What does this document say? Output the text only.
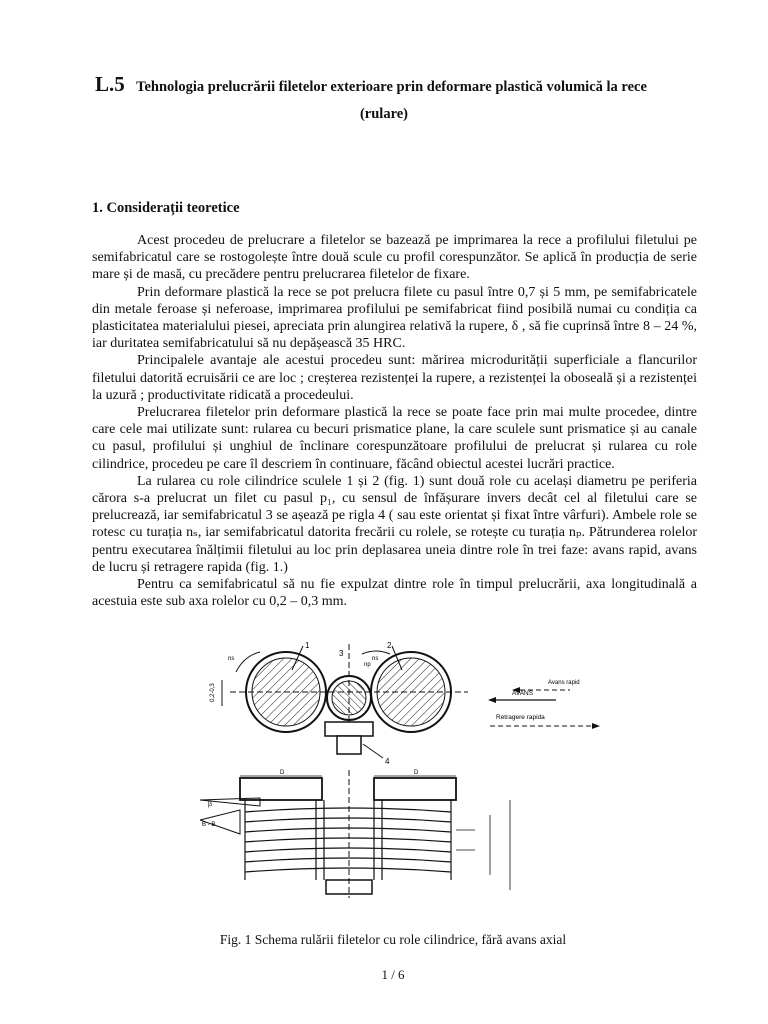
L.5 Tehnologia prelucrării filetelor exterioare prin deformare plastică volumică la rece
(rulare)
1. Considerații teoretice

Acest procedeu de prelucrare a filetelor se bazează pe imprimarea la rece a profilului filetului pe semifabricatul care se rostogolește între două scule cu profil corespunzător. Se aplică în producția de serie mare și de masă, cu precădere pentru prelucrarea filetelor de fixare.

Prin deformare plastică la rece se pot prelucra filete cu pasul între 0,7 și 5 mm, pe semifabricatele din metale feroase și neferoase, imprimarea profilului pe semifabricat fiind posibilă numai cu condiția ca plasticitatea materialului piesei, apreciata prin alungirea relativă la rupere, δ , să fie cuprinsă între 8 – 24 %, iar duritatea semifabricatului să nu depășească 35 HRC.

Principalele avantaje ale acestui procedeu sunt: mărirea microdurității superficiale a flancurilor filetului datorită ecruisării ce are loc ; creșterea rezistenței la rupere, a rezistenței la oboseală și a rezistenței la uzură ; productivitate ridicată a procedeului.

Prelucrarea filetelor prin deformare plastică la rece se poate face prin mai multe procedee, dintre care cele mai utilizate sunt: rularea cu becuri prismatice plane, la care sculele sunt prismatice și au canale cu pasul, profilului și unghiul de înclinare corespunzătoare profilului de prelucrat și rularea cu role cilindrice, procedeu pe care îl descriem în continuare, făcând obiectul acestei lucrări practice.

La rularea cu role cilindrice sculele 1 și 2 (fig. 1) sunt două role cu același diametru pe periferia cărora s-a prelucrat un filet cu pasul p₁, cu sensul de înfășurare invers decât cel al filetului care se prelucrează, iar semifabricatul 3 se așează pe rigla 4 ( sau este orientat și fixat între vârfuri). Ambele role se rotesc cu turația nₛ, iar semifabricatul datorita frecării cu rolele, se rotește cu turația nₚ. Pătrunderea rolelor pentru executarea înălțimii filetului au loc prin deplasarea uneia dintre role în trei faze: avans rapid, avans de lucru și retragere rapida (fig. 1.)

Pentru ca semifabricatul să nu fie expulzat dintre role în timpul prelucrării, axa longitudinală a acestuia este sub axa rolelor cu 0,2 – 0,3 mm.

4
1	2
3
np
ns	ns
0,2-0,3
Avans rapid
AVANS
Retragere rapida
D	D
β
B - B
Fig. 1 Schema rulării filetelor cu role cilindrice, fără avans axial
1 / 6
